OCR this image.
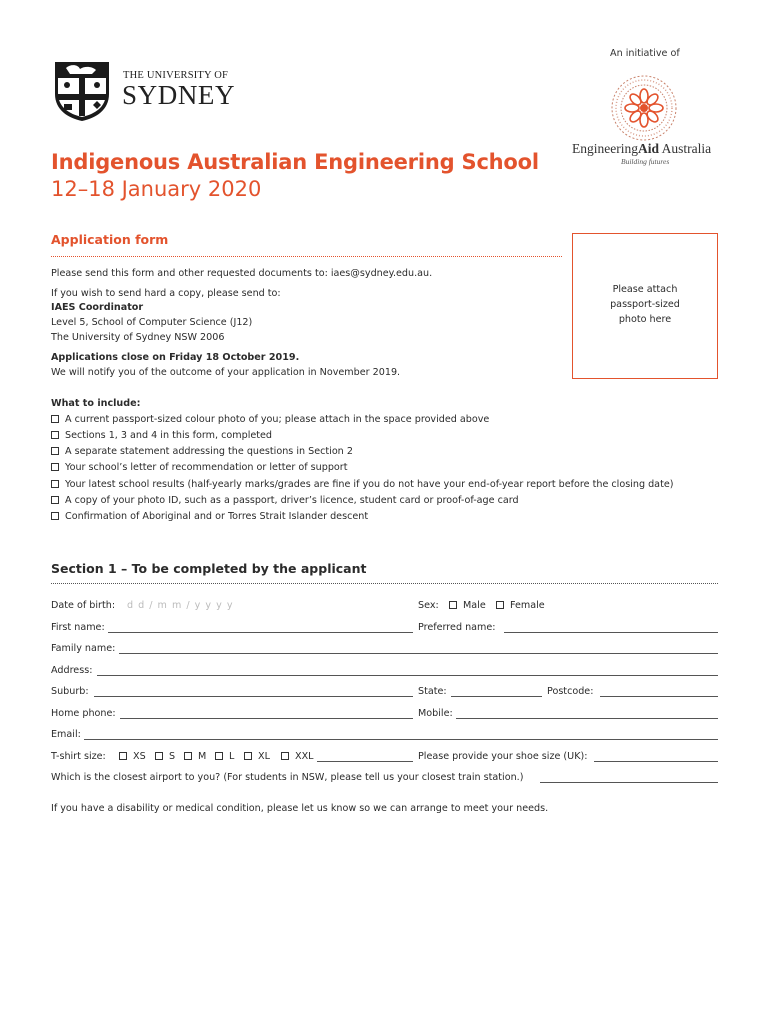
THE UNIVERSITY OF
SYDNEY
An initiative of
EngineeringAid Australia
Building futures
Indigenous Australian Engineering School
12–18 January 2020
Application form
Please send this form and other requested documents to: iaes@sydney.edu.au.
If you wish to send hard a copy, please send to:
IAES Coordinator
Level 5, School of Computer Science (J12)
The University of Sydney NSW 2006
Applications close on Friday 18 October 2019.
We will notify you of the outcome of your application in November 2019.
Please attach
passport-sized
photo here
What to include:
A current passport-sized colour photo of you; please attach in the space provided above
Sections 1, 3 and 4 in this form, completed
A separate statement addressing the questions in Section 2
Your school’s letter of recommendation or letter of support
Your latest school results (half-yearly marks/grades are fine if you do not have your end-of-year report before the closing date)
A copy of your photo ID, such as a passport, driver’s licence, student card or proof-of-age card
Confirmation of Aboriginal and or Torres Strait Islander descent
Section 1 – To be completed by the applicant
Date of birth: d d / m m / y y y y	Sex:	Male	Female
First name:	Preferred name:
Family name:
Address:
Suburb:	State:	Postcode:
Home phone:	Mobile:
Email:
T-shirt size:	XS	S	M	L	XL	XXL	Please provide your shoe size (UK):
Which is the closest airport to you? (For students in NSW, please tell us your closest train station.)
If you have a disability or medical condition, please let us know so we can arrange to meet your needs.
